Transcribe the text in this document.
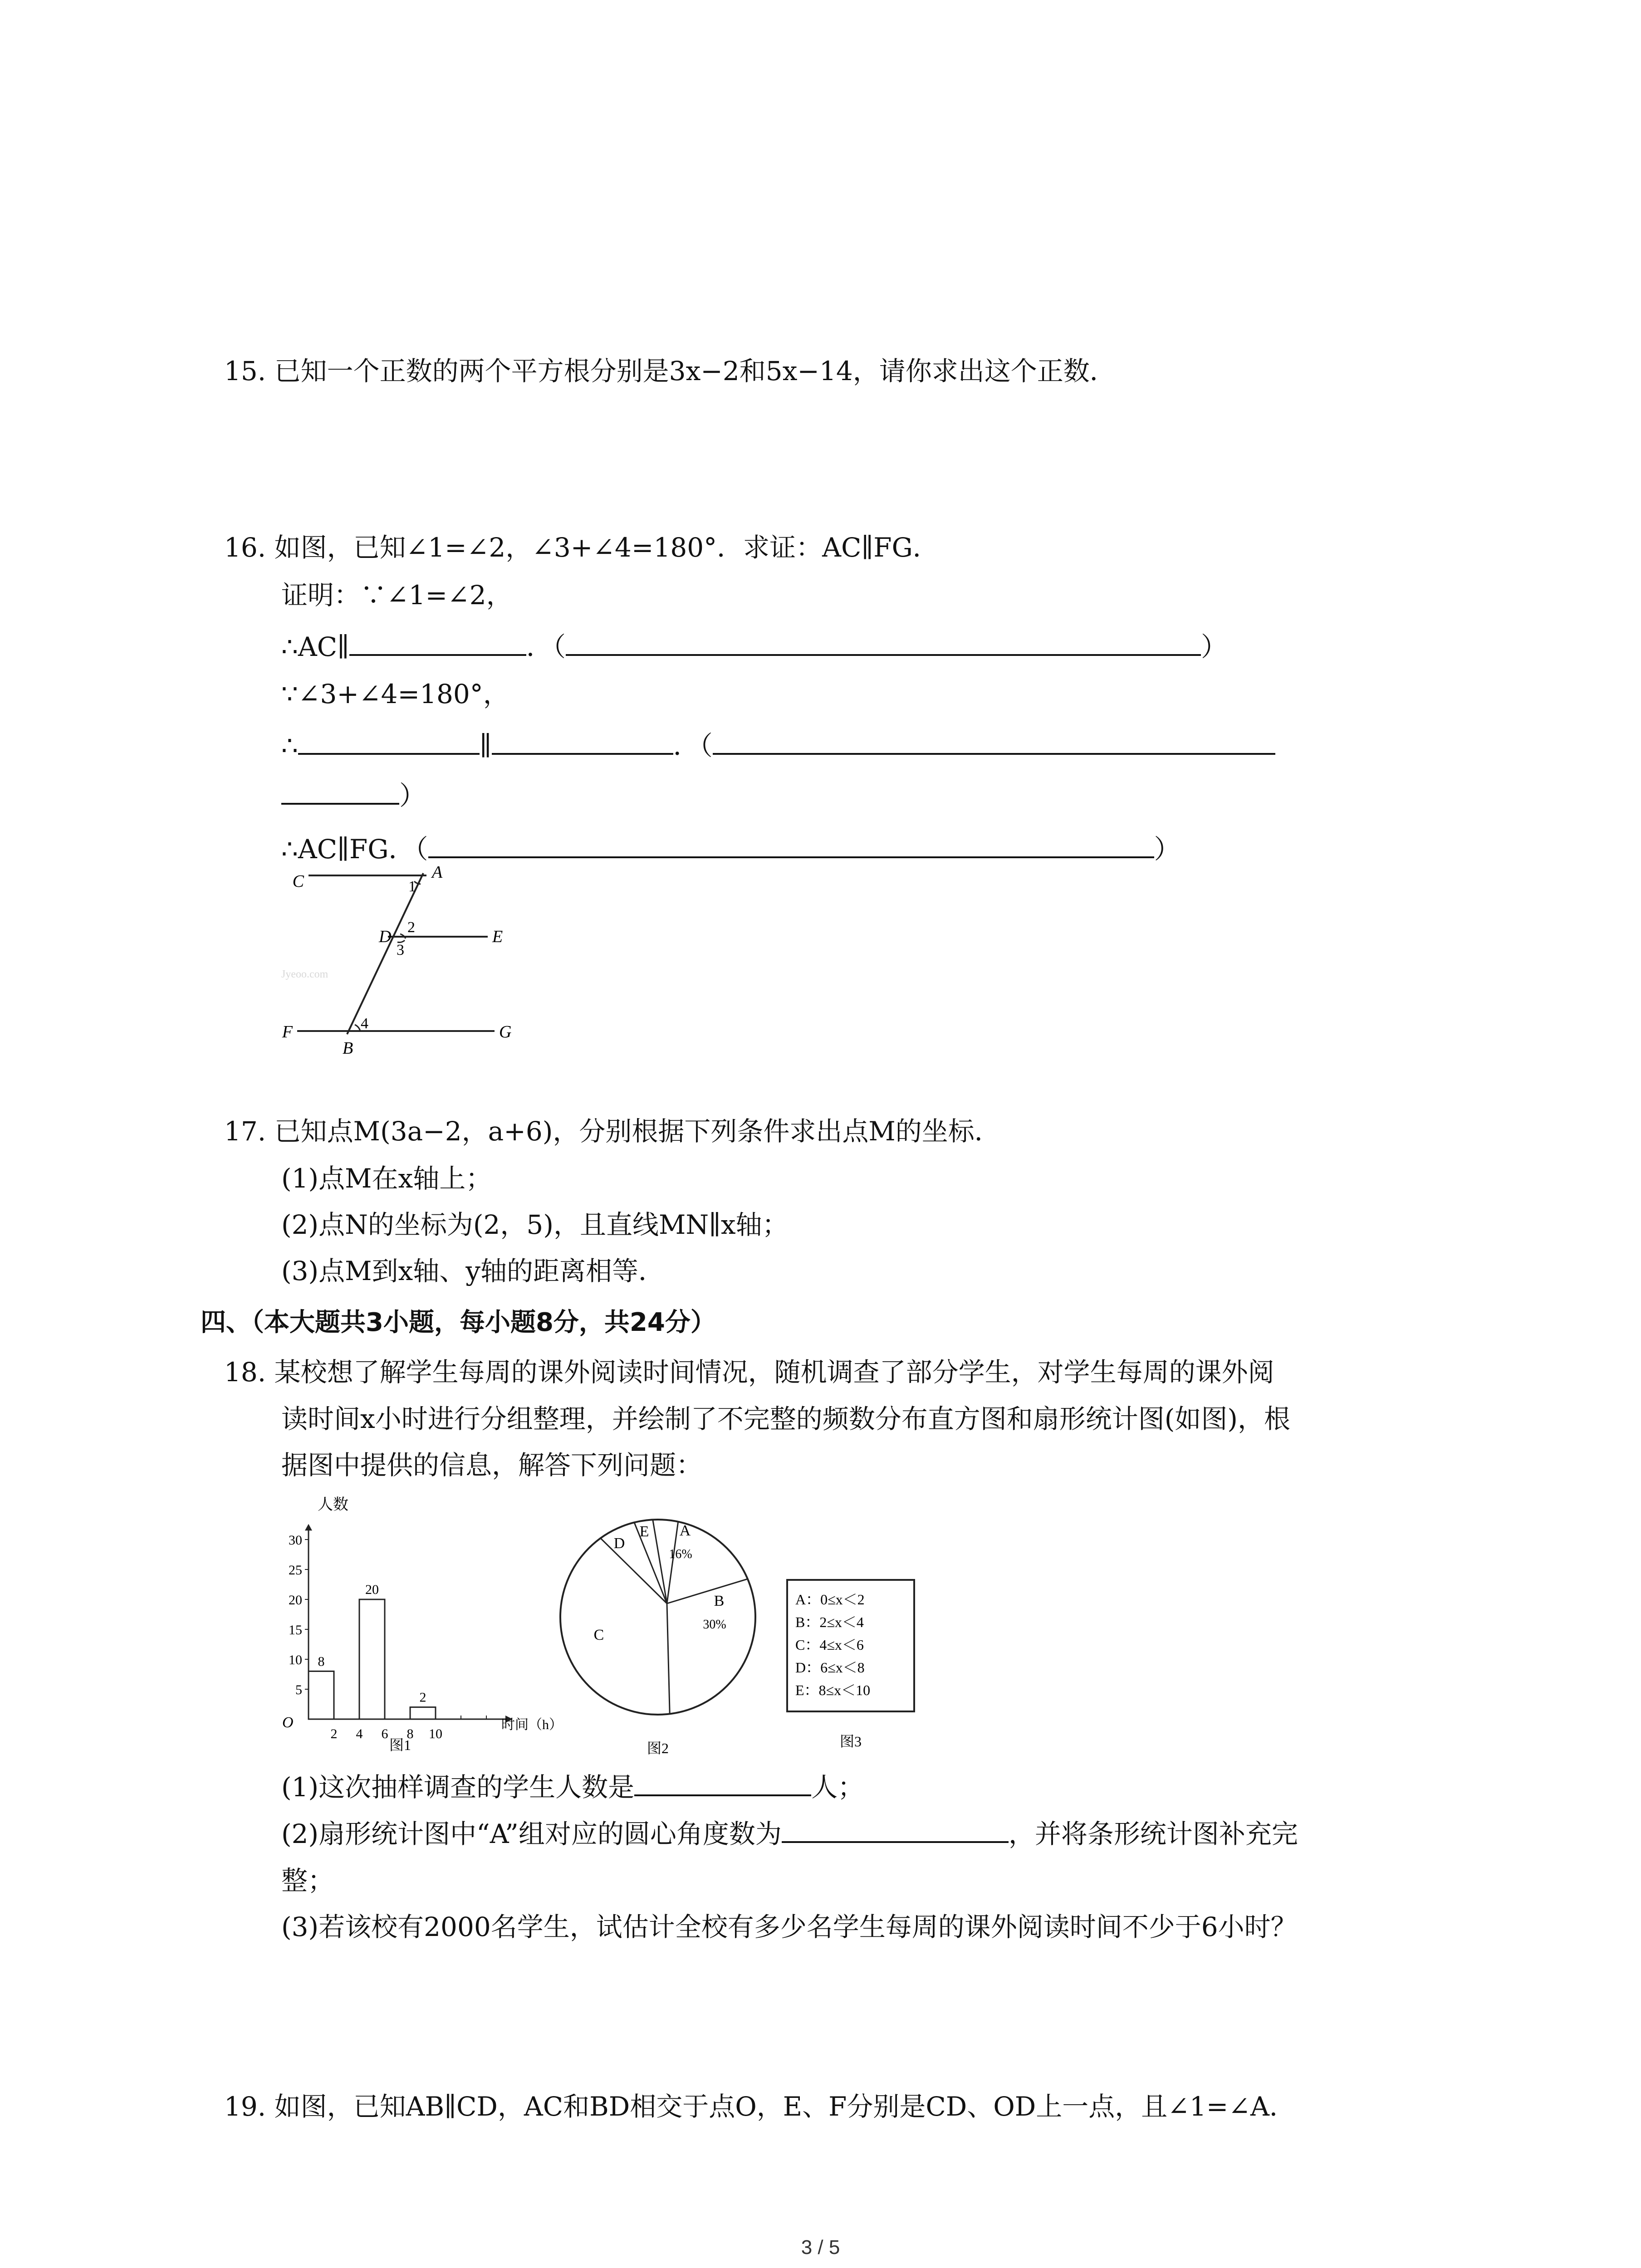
15. 已知一个正数的两个平方根分别是3x−2和5x−14，请你求出这个正数．
16. 如图，已知∠1=∠2，∠3+∠4=180°．求证：AC∥FG．
证明：∵∠1=∠2，
∴AC∥	．（	）
∵∠3+∠4=180°，
∴	∥	．（
）
∴AC∥FG．（	）
C	A
1
D 2
3
E
F	4
B
G
Jyeoo.com
17. 已知点M(3a−2，a+6)，分别根据下列条件求出点M的坐标．
(1)点M在x轴上；
(2)点N的坐标为(2，5)，且直线MN∥x轴；
(3)点M到x轴、y轴的距离相等．
四、（本大题共3小题，每小题8分，共24分）
18. 某校想了解学生每周的课外阅读时间情况，随机调查了部分学生，对学生每周的课外阅
读时间x小时进行分组整理，并绘制了不完整的频数分布直方图和扇形统计图(如图)，根
据图中提供的信息，解答下列问题：
5
10
15
20
25
30
2 4 6 8 10
8
20
2
人数
时间（h）
O
图1
A
16%
B
30%
C
D
E
图2
A：0≤x＜2
B：2≤x＜4
C：4≤x＜6
D：6≤x＜8
E：8≤x＜10
图3
(1)这次抽样调查的学生人数是	人；
(2)扇形统计图中“A”组对应的圆心角度数为	，并将条形统计图补充完
整；
(3)若该校有2000名学生，试估计全校有多少名学生每周的课外阅读时间不少于6小时？
19. 如图，已知AB∥CD，AC和BD相交于点O，E、F分别是CD、OD上一点，且∠1=∠A．
3 / 5
